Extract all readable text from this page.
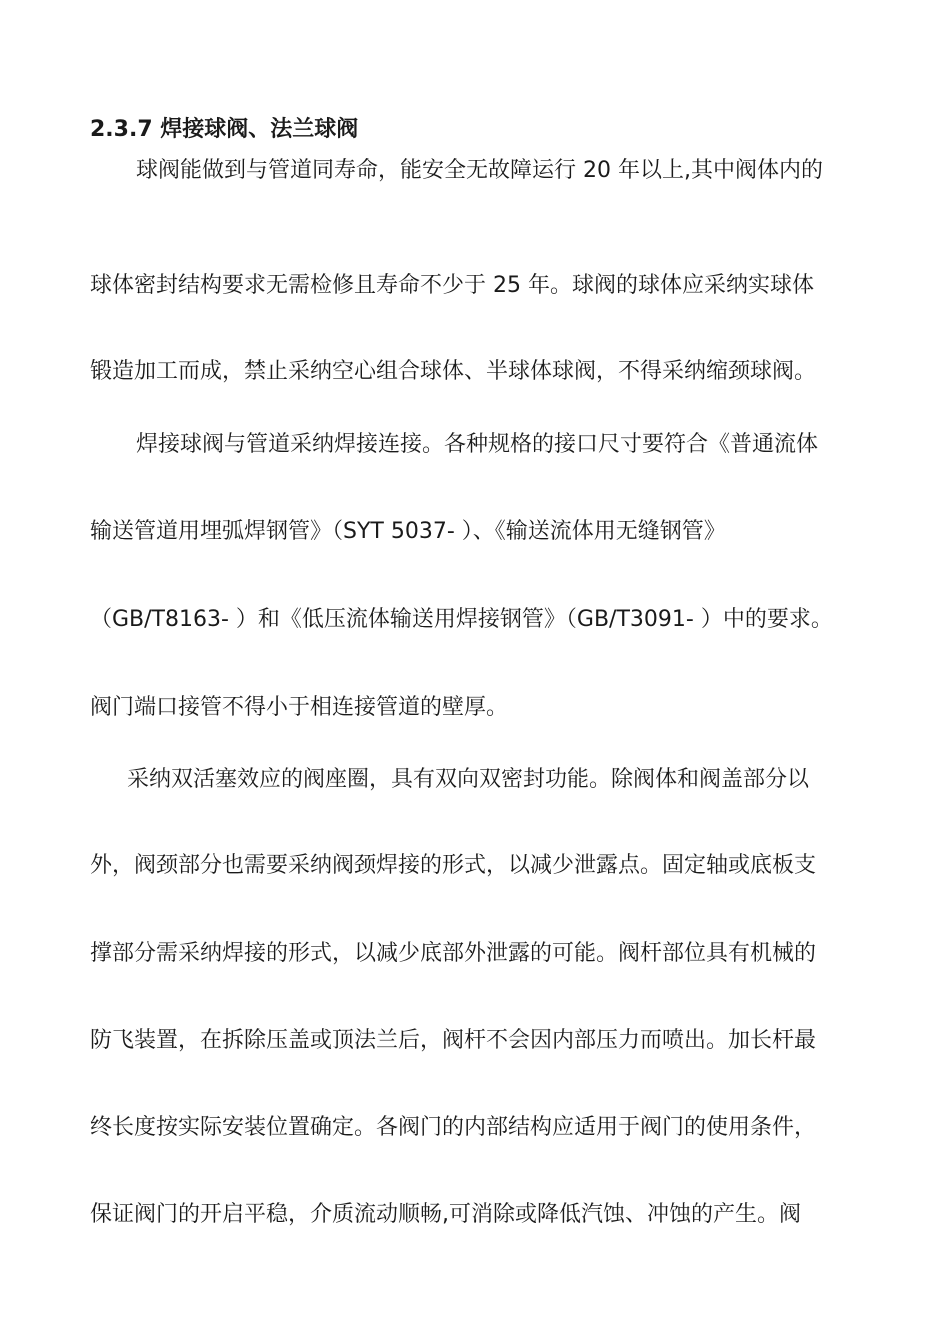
2.3.7 焊接球阀、法兰球阀
球阀能做到与管道同寿命，能安全无故障运行 20 年以上,其中阀体内的
球体密封结构要求无需检修且寿命不少于 25 年。球阀的球体应采纳实球体
锻造加工而成，禁止采纳空心组合球体、半球体球阀，不得采纳缩颈球阀。
焊接球阀与管道采纳焊接连接。各种规格的接口尺寸要符合《普通流体
输送管道用埋弧焊钢管》（SYT 5037- ）、《输送流体用无缝钢管》
（GB/T8163- ）和《低压流体输送用焊接钢管》（GB/T3091- ）中的要求。
阀门端口接管不得小于相连接管道的壁厚。
采纳双活塞效应的阀座圈，具有双向双密封功能。除阀体和阀盖部分以
外，阀颈部分也需要采纳阀颈焊接的形式，以减少泄露点。固定轴或底板支
撑部分需采纳焊接的形式，以减少底部外泄露的可能。阀杆部位具有机械的
防飞装置，在拆除压盖或顶法兰后，阀杆不会因内部压力而喷出。加长杆最
终长度按实际安装位置确定。各阀门的内部结构应适用于阀门的使用条件，
保证阀门的开启平稳，介质流动顺畅,可消除或降低汽蚀、冲蚀的产生。阀
